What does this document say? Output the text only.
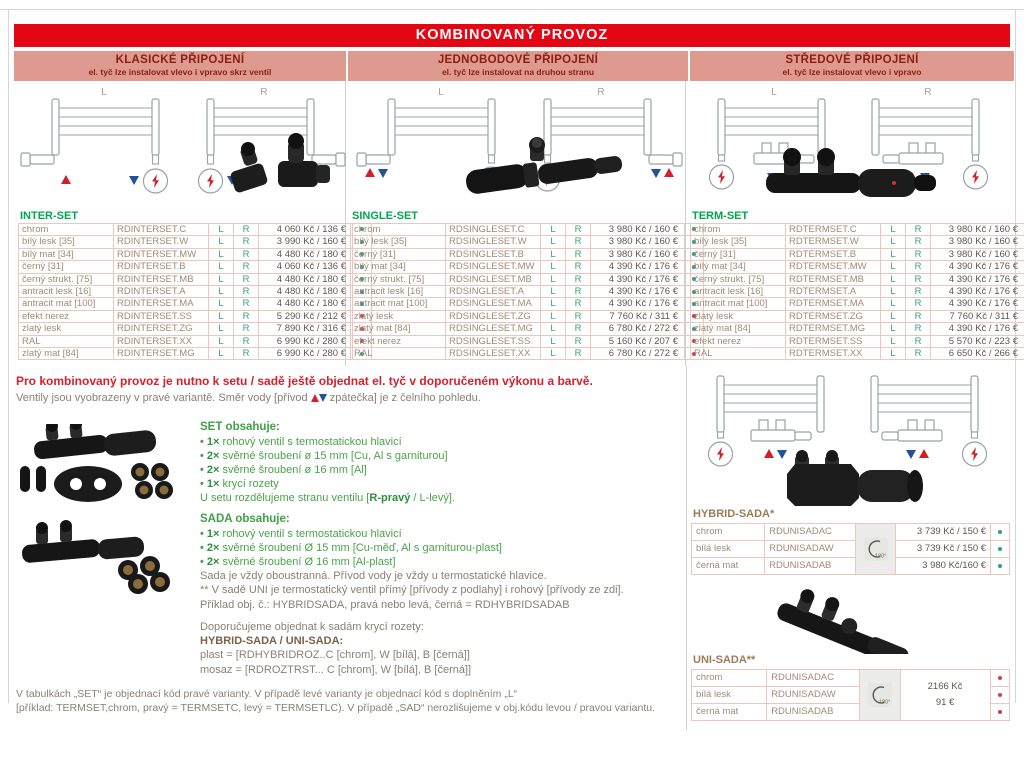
KOMBINOVANÝ PROVOZ
KLASICKÉ PŘIPOJENÍ
el. tyč lze instalovat vlevo i vpravo skrz ventil
JEDNOBODOVÉ PŘIPOJENÍ
el. tyč lze instalovat na druhou stranu
STŘEDOVÉ PŘIPOJENÍ
el. tyč lze instalovat vlevo i vpravo
L	R
INTER-SET
chrom	RDINTERSET.C	L	R	4 060 Kč / 136 €	
bílý lesk [35]	RDINTERSET.W	L	R	3 990 Kč / 160 €	
bílý mat [34]	RDINTERSET.MW	L	R	4 480 Kč / 180 €	
černý [31]	RDINTERSET.B	L	R	4 060 Kč / 136 €	
černý strukt. [75]	RDINTERSET.MB	L	R	4 480 Kč / 180 €	
antracit lesk [16]	RDINTERSET.A	L	R	4 480 Kč / 180 €	
antracit mat [100]	RDINTERSET.MA	L	R	4 480 Kč / 180 €	
efekt nerez	RDINTERSET.SS	L	R	5 290 Kč / 212 €	
zlatý lesk	RDINTERSET.ZG	L	R	7 890 Kč / 316 €	
RAL	RDINTERSET.XX	L	R	6 990 Kč / 280 €	
zlatý mat [84]	RDINTERSET.MG	L	R	6 990 Kč / 280 €	
L	R
SINGLE-SET
chrom	RDSINGLESET.C	L	R	3 980 Kč / 160 €	
bílý lesk [35]	RDSINGLESET.W	L	R	3 980 Kč / 160 €	
černý [31]	RDSINGLESET.B	L	R	3 980 Kč / 160 €	
bílý mat [34]	RDSINGLESET.MW	L	R	4 390 Kč / 176 €	
černý strukt. [75]	RDSINGLESET.MB	L	R	4 390 Kč / 176 €	
antracit lesk [16]	RDSINGLESET.A	L	R	4 390 Kč / 176 €	
antracit mat [100]	RDSINGLESET.MA	L	R	4 390 Kč / 176 €	
zlatý lesk	RDSINGLESET.ZG	L	R	7 760 Kč / 311 €	
zlatý mat [84]	RDSINGLESET.MG	L	R	6 780 Kč / 272 €	
efekt nerez	RDSINGLESET.SS	L	R	5 160 Kč / 207 €	
RAL	RDSINGLESET.XX	L	R	6 780 Kč / 272 €	
L	R
TERM-SET
chrom	RDTERMSET.C	L	R	3 980 Kč / 160 €	
bílý lesk [35]	RDTERMSET.W	L	R	3 980 Kč / 160 €	
černý [31]	RDTERMSET.B	L	R	3 980 Kč / 160 €	
bílý mat [34]	RDTERMSET.MW	L	R	4 390 Kč / 176 €	
černý strukt. [75]	RDTERMSET.MB	L	R	4 390 Kč / 176 €	
antracit lesk [16]	RDTERMSET.A	L	R	4 390 Kč / 176 €	
antracit mat [100]	RDTERMSET.MA	L	R	4 390 Kč / 176 €	
zlatý lesk	RDTERMSET.ZG	L	R	7 760 Kč / 311 €	
zlatý mat [84]	RDTERMSET.MG	L	R	4 390 Kč / 176 €	
efekt nerez	RDTERMSET.SS	L	R	5 570 Kč / 223 €	
RAL	RDTERMSET.XX	L	R	6 650 Kč / 266 €	
Pro kombinovaný provoz je nutno k setu / sadě ještě objednat el. tyč v doporučeném výkonu a barvě.
Ventily jsou vyobrazeny v pravé variantě. Směr vody [přívod zpátečka] je z čelního pohledu.
SET obsahuje:
• 1× rohový ventil s termostatickou hlavicí
• 2× svěrné šroubení ø 15 mm [Cu, Al s garniturou]
• 2× svěrné šroubení ø 16 mm [Al]
• 1× krycí rozety
U setu rozdělujeme stranu ventilu [R-pravý / L-levý].
SADA obsahuje:
• 1× rohový ventil s termostatickou hlavicí
• 2× svěrné šroubení Ø 15 mm [Cu-měď, Al s garniturou-plast]
• 2× svěrné šroubení Ø 16 mm [Al-plast]
Sada je vždy oboustranná. Přívod vody je vždy u termostatické hlavice.
** V sadě UNI je termostatický ventil přímý [přívody z podlahy] i rohový [přívody ze zdi].
Příklad obj. č.: HYBRIDSADA, pravá nebo levá, černá = RDHYBRIDSADAB
Doporučujeme objednat k sadám krycí rozety:
HYBRID-SADA / UNI-SADA:
plast = [RDHYBRIDROZ..C [chrom], W [bílá], B [černá]]
mosaz = [RDROZTRST... C [chrom], W [bílá], B [černá]]
V tabulkách „SET“ je objednací kód pravé varianty. V případě levé varianty je objednací kód s doplněním „L“
[příklad: TERMSET,chrom, pravý = TERMSETC, levý = TERMSETLC). V případě „SAD“ nerozlišujeme v obj.kódu levou / pravou variantu.
HYBRID-SADA*
chrom	RDUNISADAC		3 739 Kč / 150 €	
bílá lesk	RDUNISADAW		3 739 Kč / 150 €	
černá mat	RDUNISADAB		3 980 Kč/160 €	
UNI-SADA**
chrom	RDUNISADAC		2166 Kč
91 €	

bílá lesk	RDUNISADAW			
černá mat	RDUNISADAB			
